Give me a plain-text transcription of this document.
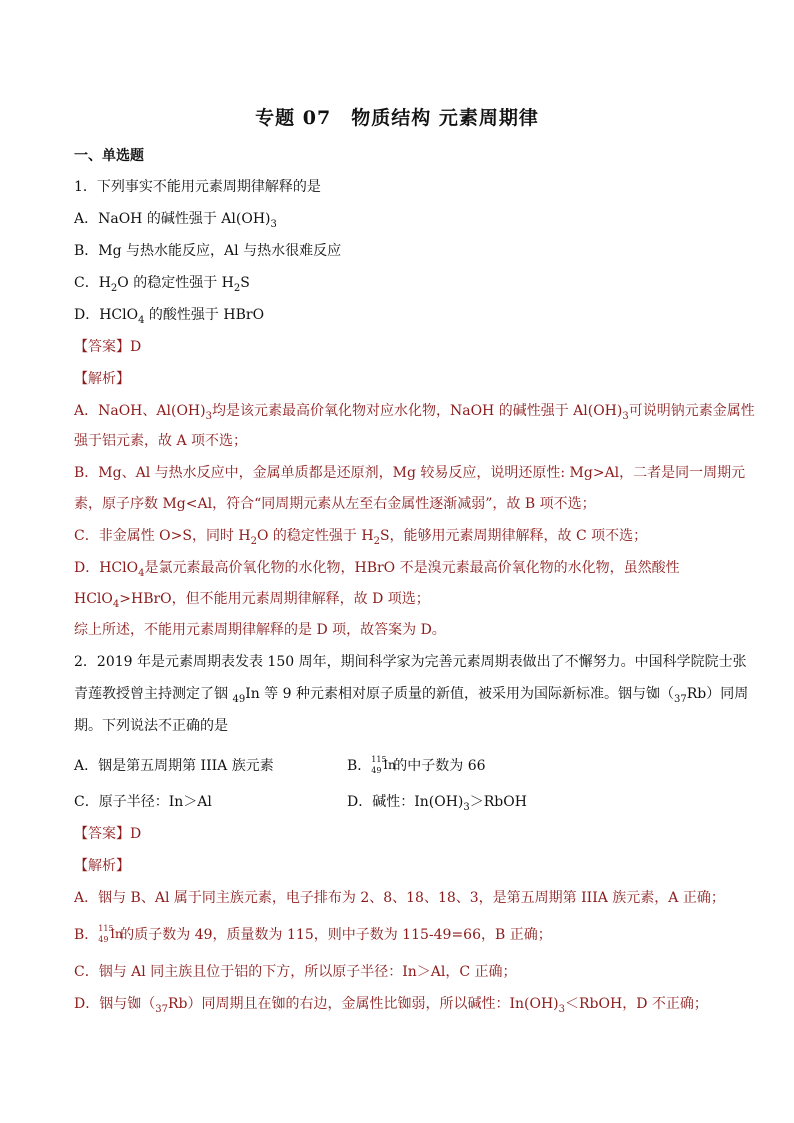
专题 07 物质结构 元素周期律
一、单选题
1．下列事实不能用元素周期律解释的是
A．NaOH 的碱性强于 $Al(OH)_3$
B．Mg 与热水能反应，Al 与热水很难反应
C．$H_2O$ 的稳定性强于 $H_2S$
D．HClO$_4$ 的酸性强于 HBrO
【答案】D
【解析】
A．NaOH、$Al(OH)_3$均是该元素最高价氧化物对应水化物，NaOH 的碱性强于 $Al(OH)_3$可说明钠元素金属性
强于铝元素，故 A 项不选；
B．Mg、Al 与热水反应中，金属单质都是还原剂，Mg 较易反应，说明还原性: Mg>Al，二者是同一周期元
素，原子序数 Mg<Al，符合“同周期元素从左至右金属性逐渐减弱”，故 B 项不选；
C．非金属性 O>S，同时 $H_2O$ 的稳定性强于 $H_2S$，能够用元素周期律解释，故 C 项不选；
D．HClO$_4$是氯元素最高价氧化物的水化物，HBrO 不是溴元素最高价氧化物的水化物，虽然酸性
HClO$_4$>HBrO，但不能用元素周期律解释，故 D 项选；
综上所述，不能用元素周期律解释的是 D 项，故答案为 D。
2．2019 年是元素周期表发表 150 周年，期间科学家为完善元素周期表做出了不懈努力。中国科学院院士张
青莲教授曾主持测定了铟 $_{49}$In 等 9 种元素相对原子质量的新值，被采用为国际新标准。铟与铷$(_{37}Rb)$同周
期。下列说法不正确的是
A．铟是第五周期第 IIIA 族元素	B． 115
49 In
的中子数为 66
C．原子半径：In＞Al	D．碱性：$In(OH)_3>RbOH$
【答案】D
【解析】
A．铟与 B、Al 属于同主族元素，电子排布为 2、8、18、18、3，是第五周期第 IIIA 族元素，A 正确；
B． 115
49 In
的质子数为 49，质量数为 115，则中子数为 115-49=66，B 正确；
C．铟与 Al 同主族且位于铝的下方，所以原子半径：In＞Al，C 正确；
D．铟与铷$(_{37}Rb)$同周期且在铷的右边，金属性比铷弱，所以碱性：$In(OH)_3<RbOH$，D 不正确；
